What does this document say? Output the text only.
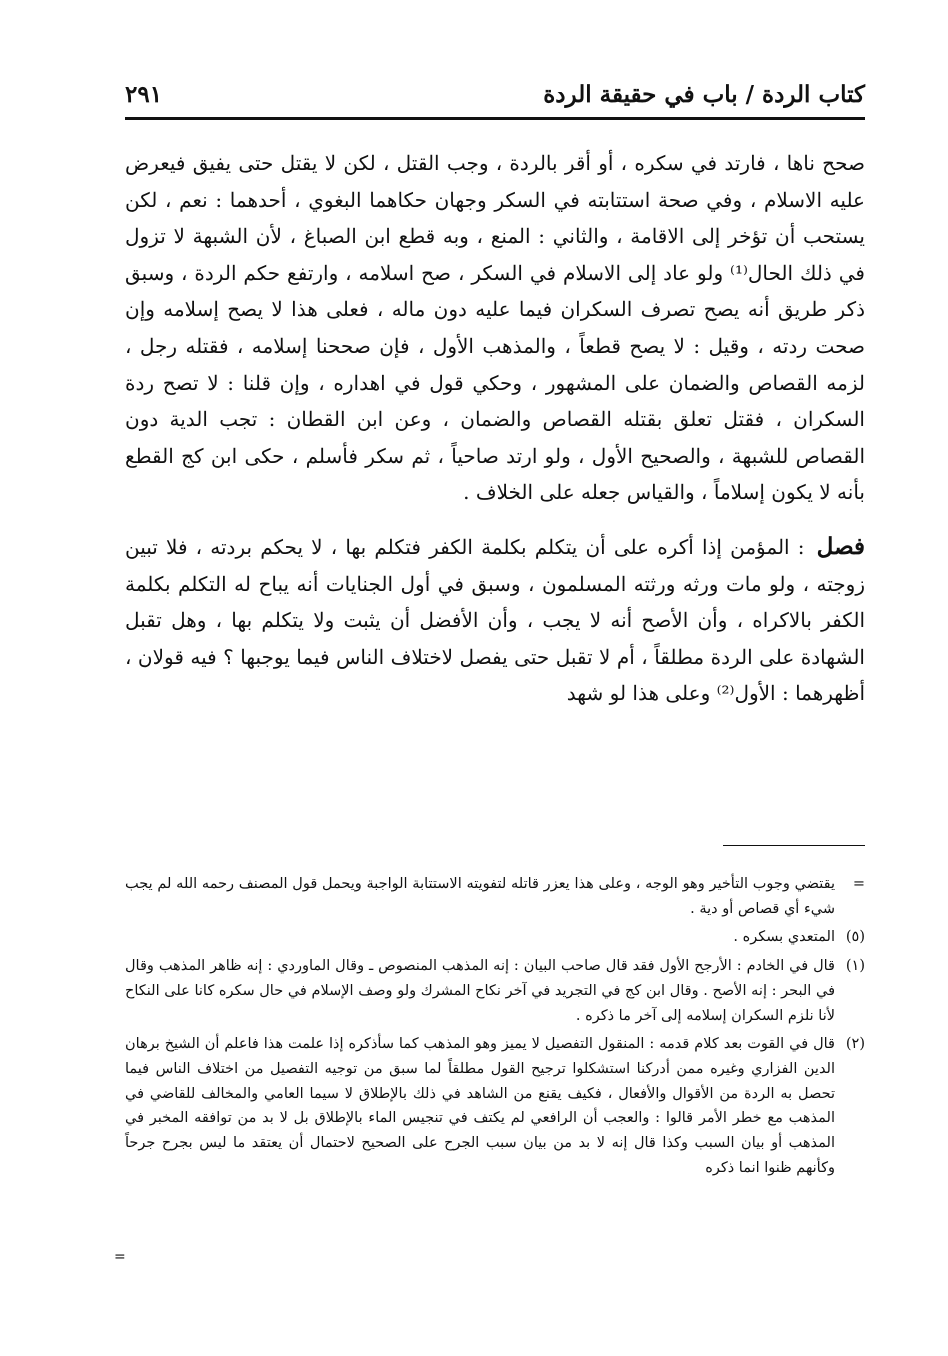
كتاب الردة / باب في حقيقة الردة
٢٩١

صحح ناها ، فارتد في سكره ، أو أقر بالردة ، وجب القتل ، لكن لا يقتل حتى يفيق فيعرض عليه الاسلام ، وفي صحة استتابته في السكر وجهان حكاهما البغوي ، أحدهما : نعم ، لكن يستحب أن تؤخر إلى الاقامة ، والثاني : المنع ، وبه قطع ابن الصباغ ، لأن الشبهة لا تزول في ذلك الحال⁽¹⁾ ولو عاد إلى الاسلام في السكر ، صح اسلامه ، وارتفع حكم الردة ، وسبق ذكر طريق أنه يصح تصرف السكران فيما عليه دون ماله ، فعلى هذا لا يصح إسلامه وإن صحت ردته ، وقيل : لا يصح قطعاً ، والمذهب الأول ، فإن صححنا إسلامه ، فقتله رجل ، لزمه القصاص والضمان على المشهور ، وحكي قول في اهداره ، وإن قلنا : لا تصح ردة السكران ، فقتل تعلق بقتله القصاص والضمان ، وعن ابن القطان : تجب الدية دون القصاص للشبهة ، والصحيح الأول ، ولو ارتد صاحياً ، ثم سكر فأسلم ، حكى ابن كج القطع بأنه لا يكون إسلاماً ، والقياس جعله على الخلاف .

فصل : المؤمن إذا أكره على أن يتكلم بكلمة الكفر فتكلم بها ، لا يحكم بردته ، فلا تبين زوجته ، ولو مات ورثه ورثته المسلمون ، وسبق في أول الجنايات أنه يباح له التكلم بكلمة الكفر بالاكراه ، وأن الأصح أنه لا يجب ، وأن الأفضل أن يثبت ولا يتكلم بها ، وهل تقبل الشهادة على الردة مطلقاً ، أم لا تقبل حتى يفصل لاختلاف الناس فيما يوجبها ؟ فيه قولان ، أظهرهما : الأول⁽²⁾ وعلى هذا لو شهد

=
يقتضي وجوب التأخير وهو الوجه ، وعلى هذا يعزر قاتله لتفويته الاستتابة الواجبة ويحمل قول المصنف رحمه الله لم يجب شيء أي قصاص أو دية .
(٥)
المتعدي بسكره .
(١)
قال في الخادم : الأرجح الأول فقد قال صاحب البيان : إنه المذهب المنصوص ـ وقال الماوردي : إنه ظاهر المذهب وقال في البحر : إنه الأصح . وقال ابن كج في التجريد في آخر نكاح المشرك ولو وصف الإسلام في حال سكره كانا على النكاح لأنا نلزم السكران إسلامه إلى آخر ما ذكره .
(٢)
قال في القوت بعد كلام قدمه : المنقول التفصيل لا يميز وهو المذهب كما سأذكره إذا علمت هذا فاعلم أن الشيخ برهان الدين الفزاري وغيره ممن أدركنا استشكلوا ترجيح القول مطلقاً لما سبق من توجيه التفصيل من اختلاف الناس فيما تحصل به الردة من الأقوال والأفعال ، فكيف يقنع من الشاهد في ذلك بالإطلاق لا سيما العامي والمخالف للقاضي في المذهب مع خطر الأمر قالوا : والعجب أن الرافعي لم يكتف في تنجيس الماء بالإطلاق بل لا بد من توافقه المخبر في المذهب أو بيان السبب وكذا قال إنه لا بد من بيان سبب الجرح على الصحيح لاحتمال أن يعتقد ما ليس بجرح جرحاً وكأنهم ظنوا انما ذكره
=
